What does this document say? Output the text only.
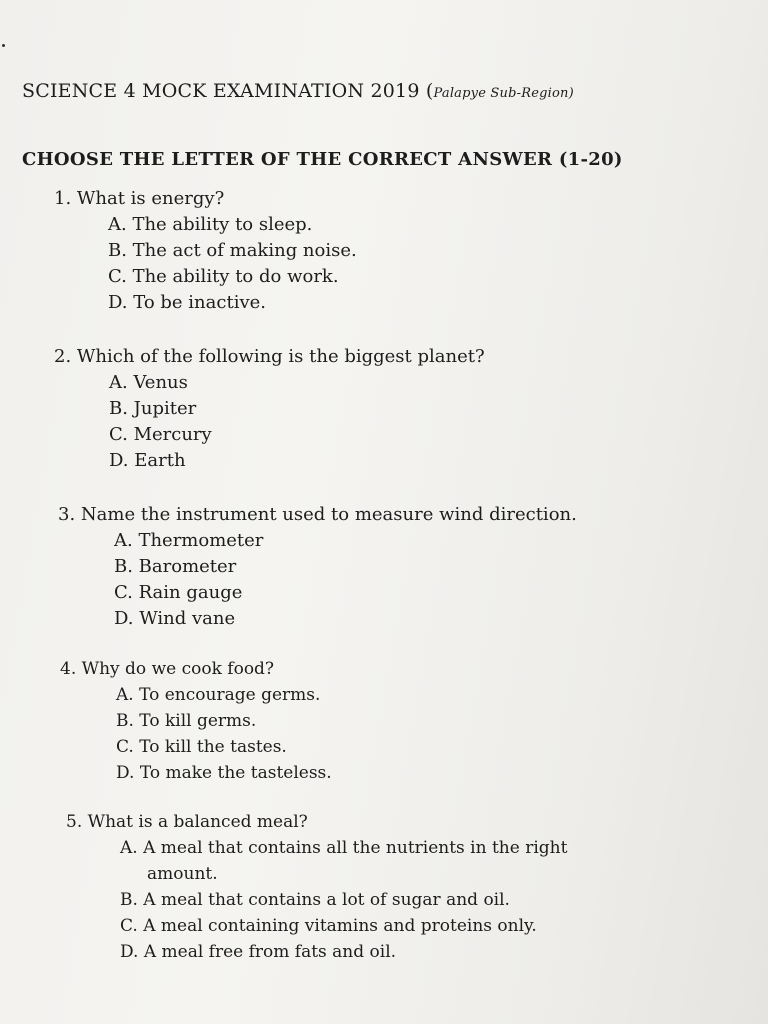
SCIENCE 4 MOCK EXAMINATION 2019 (Palapye Sub-Region)
CHOOSE THE LETTER OF THE CORRECT ANSWER (1-20)
1. What is energy?
A. The ability to sleep.
B. The act of making noise.
C. The ability to do work.
D. To be inactive.
2. Which of the following is the biggest planet?
A. Venus
B. Jupiter
C. Mercury
D. Earth
3. Name the instrument used to measure wind direction.
A. Thermometer
B. Barometer
C. Rain gauge
D. Wind vane
4. Why do we cook food?
A. To encourage germs.
B. To kill germs.
C. To kill the tastes.
D. To make the tasteless.
5. What is a balanced meal?
A. A meal that contains all the nutrients in the right
amount.
B. A meal that contains a lot of sugar and oil.
C. A meal containing vitamins and proteins only.
D. A meal free from fats and oil.
